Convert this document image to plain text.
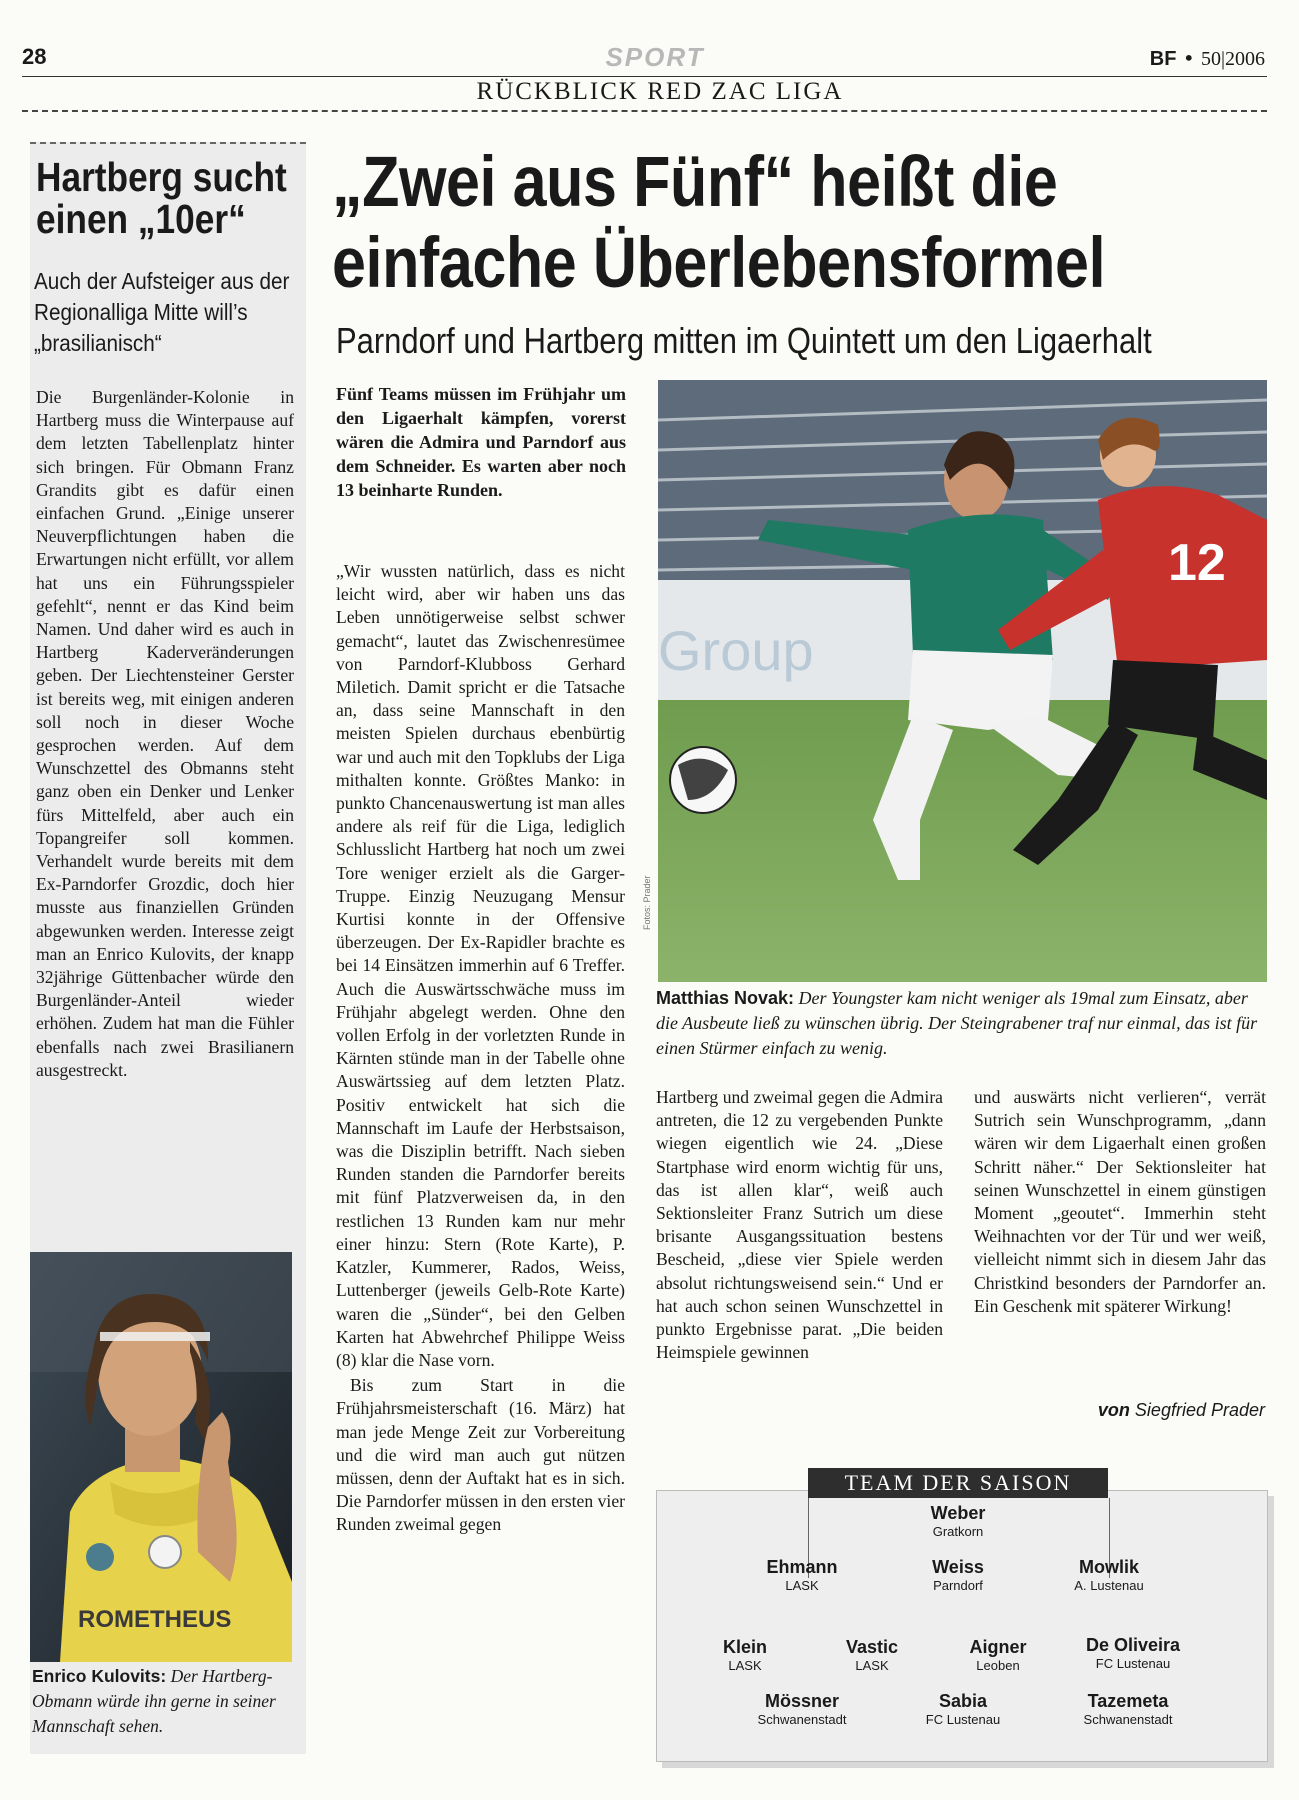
28	SPORT	BF • 50|2006
RÜCKBLICK RED ZAC LIGA
Hartberg sucht einen „10er“
Auch der Aufsteiger aus der Regionalliga Mitte will’s „brasilianisch“
Die Burgenländer-Kolonie in Hartberg muss die Winterpause auf dem letzten Tabellenplatz hinter sich bringen. Für Obmann Franz Grandits gibt es dafür einen einfachen Grund. „Einige unserer Neuverpflichtungen haben die Erwartungen nicht erfüllt, vor allem hat uns ein Führungsspieler gefehlt“, nennt er das Kind beim Namen. Und daher wird es auch in Hartberg Kaderveränderungen geben. Der Liechtensteiner Gerster ist bereits weg, mit einigen anderen soll noch in dieser Woche gesprochen werden. Auf dem Wunschzettel des Obmanns steht ganz oben ein Denker und Lenker fürs Mittelfeld, aber auch ein Topangreifer soll kommen. Verhandelt wurde bereits mit dem Ex-Parndorfer Grozdic, doch hier musste aus finanziellen Gründen abgewunken werden. Interesse zeigt man an Enrico Kulovits, der knapp 32jährige Güttenbacher würde den Burgenländer-Anteil wieder erhöhen. Zudem hat man die Fühler ebenfalls nach zwei Brasilianern ausgestreckt.
ROMETHEUS
Enrico Kulovits: Der Hartberg-Obmann würde ihn gerne in seiner Mannschaft sehen.
„Zwei aus Fünf“ heißt die einfache Überlebensformel
Parndorf und Hartberg mitten im Quintett um den Ligaerhalt
Fünf Teams müssen im Frühjahr um den Ligaerhalt kämpfen, vorerst wären die Admira und Parndorf aus dem Schneider. Es warten aber noch 13 beinharte Runden.
„Wir wussten natürlich, dass es nicht leicht wird, aber wir haben uns das Leben unnötigerweise selbst schwer gemacht“, lautet das Zwischenresümee von Parndorf-Klubboss Gerhard Miletich. Damit spricht er die Tatsache an, dass seine Mannschaft in den meisten Spielen durchaus ebenbürtig war und auch mit den Topklubs der Liga mithalten konnte. Größtes Manko: in punkto Chancenauswertung ist man alles andere als reif für die Liga, lediglich Schlusslicht Hartberg hat noch um zwei Tore weniger erzielt als die Garger-Truppe. Einzig Neuzugang Mensur Kurtisi konnte in der Offensive überzeugen. Der Ex-Rapidler brachte es bei 14 Einsätzen immerhin auf 6 Treffer. Auch die Auswärtsschwäche muss im Frühjahr abgelegt werden. Ohne den vollen Erfolg in der vorletzten Runde in Kärnten stünde man in der Tabelle ohne Auswärtssieg auf dem letzten Platz. Positiv entwickelt hat sich die Mannschaft im Laufe der Herbstsaison, was die Disziplin betrifft. Nach sieben Runden standen die Parndorfer bereits mit fünf Platzverweisen da, in den restlichen 13 Runden kam nur mehr einer hinzu: Stern (Rote Karte), P. Katzler, Kummerer, Rados, Weiss, Luttenberger (jeweils Gelb-Rote Karte) waren die „Sünder“, bei den Gelben Karten hat Abwehrchef Philippe Weiss (8) klar die Nase vorn.
Bis zum Start in die Frühjahrsmeisterschaft (16. März) hat man jede Menge Zeit zur Vorbereitung und die wird man auch gut nützen müssen, denn der Auftakt hat es in sich. Die Parndorfer müssen in den ersten vier Runden zweimal gegen
Group
12
Fotos: Prader
Matthias Novak: Der Youngster kam nicht weniger als 19mal zum Einsatz, aber die Ausbeute ließ zu wünschen übrig. Der Steingrabener traf nur einmal, das ist für einen Stürmer einfach zu wenig.
Hartberg und zweimal gegen die Admira antreten, die 12 zu vergebenden Punkte wiegen eigentlich wie 24. „Diese Startphase wird enorm wichtig für uns, das ist allen klar“, weiß auch Sektionsleiter Franz Sutrich um diese brisante Ausgangssituation bestens Bescheid, „diese vier Spiele werden absolut richtungsweisend sein.“ Und er hat auch schon seinen Wunschzettel in punkto Ergebnisse parat. „Die beiden Heimspiele gewinnen
und auswärts nicht verlieren“, verrät Sutrich sein Wunschprogramm, „dann wären wir dem Ligaerhalt einen großen Schritt näher.“ Der Sektionsleiter hat seinen Wunschzettel in einem günstigen Moment „geoutet“. Immerhin steht Weihnachten vor der Tür und wer weiß, vielleicht nimmt sich in diesem Jahr das Christkind besonders der Parndorfer an. Ein Geschenk mit späterer Wirkung!
von Siegfried Prader
TEAM DER SAISON
Weber
Gratkorn
Ehmann
LASK
Weiss
Parndorf
Mowlik
A. Lustenau
Klein
LASK
Vastic
LASK
Aigner
Leoben
De Oliveira
FC Lustenau
Mössner
Schwanenstadt
Sabia
FC Lustenau
Tazemeta
Schwanenstadt
